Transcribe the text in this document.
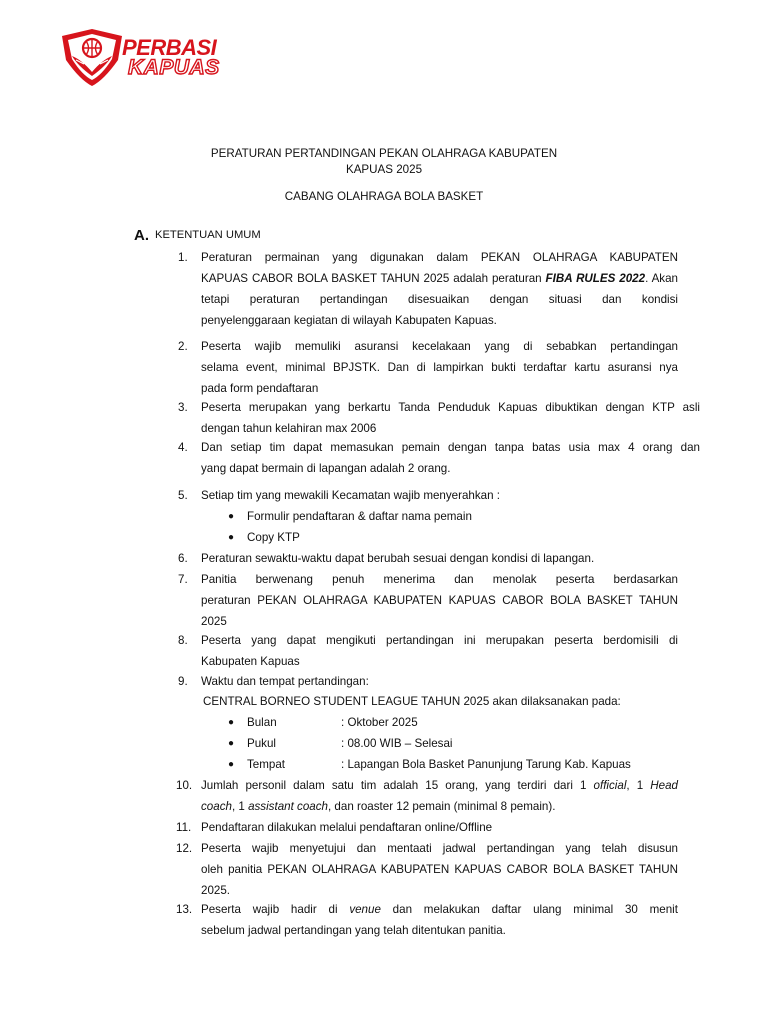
PERBASI
KAPUAS
PERATURAN PERTANDINGAN PEKAN OLAHRAGA KABUPATEN
KAPUAS 2025
CABANG OLAHRAGA BOLA BASKET
A. KETENTUAN UMUM
1.	Peraturan permainan yang digunakan dalam PEKAN OLAHRAGA KABUPATEN
KAPUAS CABOR BOLA BASKET TAHUN 2025 adalah peraturan FIBA RULES 2022. Akan
tetapi peraturan pertandingan disesuaikan dengan situasi dan kondisi
penyelenggaraan kegiatan di wilayah Kabupaten Kapuas.
2.	Peserta wajib memuliki asuransi kecelakaan yang di sebabkan pertandingan
selama event, minimal BPJSTK. Dan di lampirkan bukti terdaftar kartu asuransi nya
pada form pendaftaran
3.	Peserta merupakan yang berkartu Tanda Penduduk Kapuas dibuktikan dengan KTP asli
dengan tahun kelahiran max 2006
4.	Dan setiap tim dapat memasukan pemain dengan tanpa batas usia max 4 orang dan
yang dapat bermain di lapangan adalah 2 orang.
5.	Setiap tim yang mewakili Kecamatan wajib menyerahkan :
● Formulir pendaftaran & daftar nama pemain
● Copy KTP
6.	Peraturan sewaktu-waktu dapat berubah sesuai dengan kondisi di lapangan.
7.	Panitia berwenang penuh menerima dan menolak peserta berdasarkan
peraturan PEKAN OLAHRAGA KABUPATEN KAPUAS CABOR BOLA BASKET TAHUN
2025
8.	Peserta yang dapat mengikuti pertandingan ini merupakan peserta berdomisili di
Kabupaten Kapuas
9.	Waktu dan tempat pertandingan:
CENTRAL BORNEO STUDENT LEAGUE TAHUN 2025 akan dilaksanakan pada:
● Bulan	: Oktober 2025
● Pukul	: 08.00 WIB – Selesai
● Tempat	: Lapangan Bola Basket Panunjung Tarung Kab. Kapuas
10. Jumlah personil dalam satu tim adalah 15 orang, yang terdiri dari 1 official, 1 Head
coach, 1 assistant coach, dan roaster 12 pemain (minimal 8 pemain).
11. Pendaftaran dilakukan melalui pendaftaran online/Offline
12. Peserta wajib menyetujui dan mentaati jadwal pertandingan yang telah disusun
oleh panitia PEKAN OLAHRAGA KABUPATEN KAPUAS CABOR BOLA BASKET TAHUN
2025.
13. Peserta wajib hadir di venue dan melakukan daftar ulang minimal 30 menit
sebelum jadwal pertandingan yang telah ditentukan panitia.
